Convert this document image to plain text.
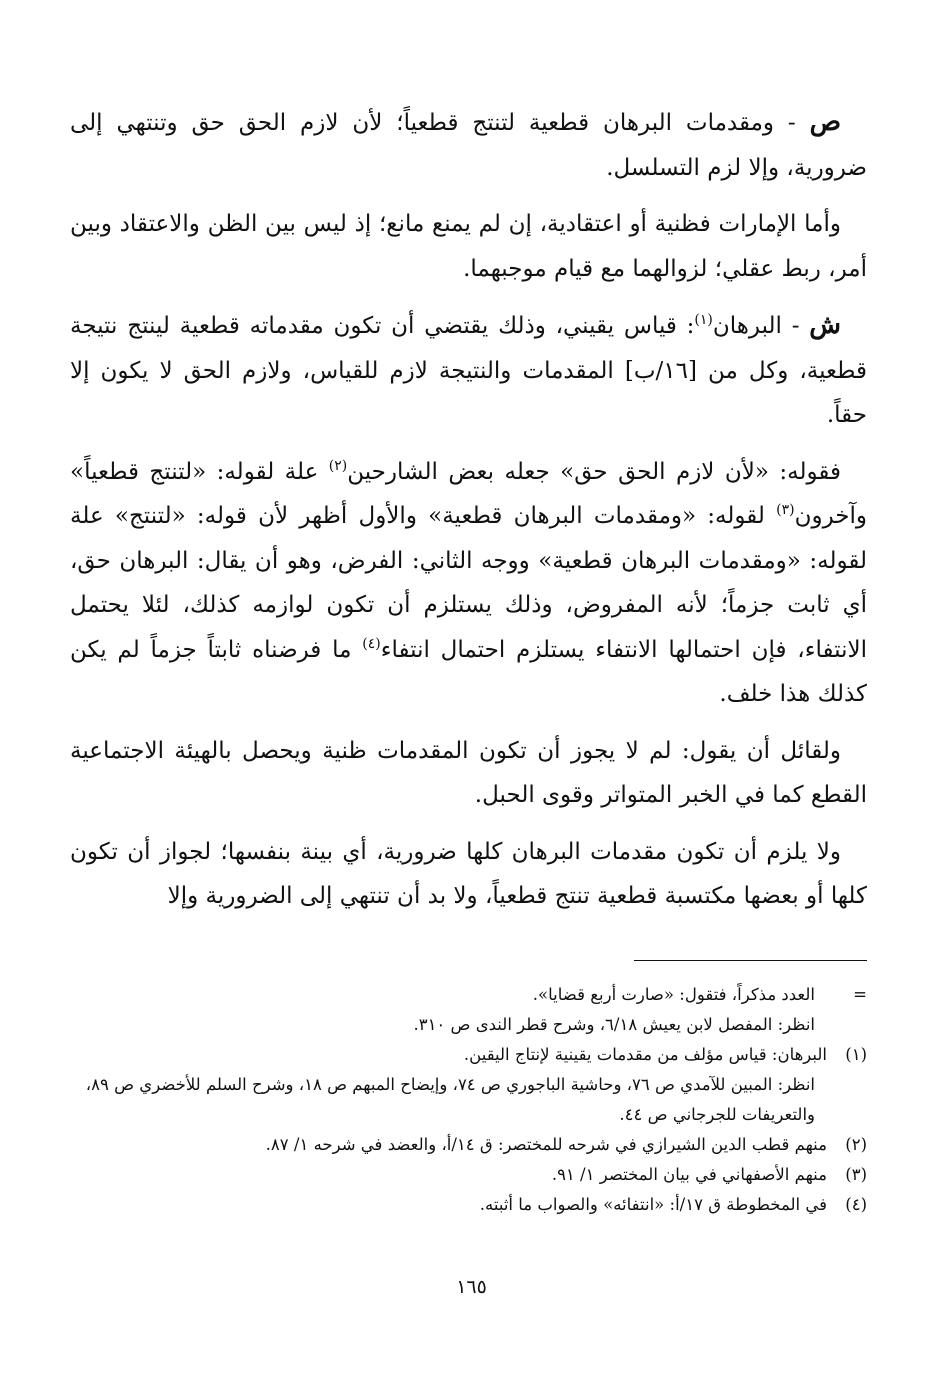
ص - ومقدمات البرهان قطعية لتنتج قطعياً؛ لأن لازم الحق حق وتنتهي إلى ضرورية، وإلا لزم التسلسل.

وأما الإمارات فظنية أو اعتقادية، إن لم يمنع مانع؛ إذ ليس بين الظن والاعتقاد وبين أمر، ربط عقلي؛ لزوالهما مع قيام موجبهما.

ش - البرهان$^{(١)}$: قياس يقيني، وذلك يقتضي أن تكون مقدماته قطعية لينتج نتيجة قطعية، وكل من [١٦/ب] المقدمات والنتيجة لازم للقياس، ولازم الحق لا يكون إلا حقاً.

فقوله: «لأن لازم الحق حق» جعله بعض الشارحين$^{(٢)}$ علة لقوله: «لتنتج قطعياً» وآخرون$^{(٣)}$ لقوله: «ومقدمات البرهان قطعية» والأول أظهر لأن قوله: «لتنتج» علة لقوله: «ومقدمات البرهان قطعية» ووجه الثاني: الفرض، وهو أن يقال: البرهان حق، أي ثابت جزماً؛ لأنه المفروض، وذلك يستلزم أن تكون لوازمه كذلك، لئلا يحتمل الانتفاء، فإن احتمالها الانتفاء يستلزم احتمال انتفاء$^{(٤)}$ ما فرضناه ثابتاً جزماً لم يكن كذلك هذا خلف.

ولقائل أن يقول: لم لا يجوز أن تكون المقدمات ظنية ويحصل بالهيئة الاجتماعية القطع كما في الخبر المتواتر وقوى الحبل.

ولا يلزم أن تكون مقدمات البرهان كلها ضرورية، أي بينة بنفسها؛ لجواز أن تكون كلها أو بعضها مكتسبة قطعية تنتج قطعياً، ولا بد أن تنتهي إلى الضرورية وإلا

=
العدد مذكراً، فتقول: «صارت أربع قضايا».
انظر: المفصل لابن يعيش ٦/١٨، وشرح قطر الندى ص ٣١٠.
(١)
البرهان: قياس مؤلف من مقدمات يقينية لإنتاج اليقين.
انظر: المبين للآمدي ص ٧٦، وحاشية الباجوري ص ٧٤، وإيضاح المبهم ص ١٨، وشرح السلم للأخضري ص ٨٩، والتعريفات للجرجاني ص ٤٤.
(٢)
منهم قطب الدين الشيرازي في شرحه للمختصر: ق ١٤/أ، والعضد في شرحه ١/ ٨٧.
(٣)
منهم الأصفهاني في بيان المختصر ١/ ٩١.
(٤)
في المخطوطة ق ١٧/أ: «انتفائه» والصواب ما أثبته.
١٦٥
